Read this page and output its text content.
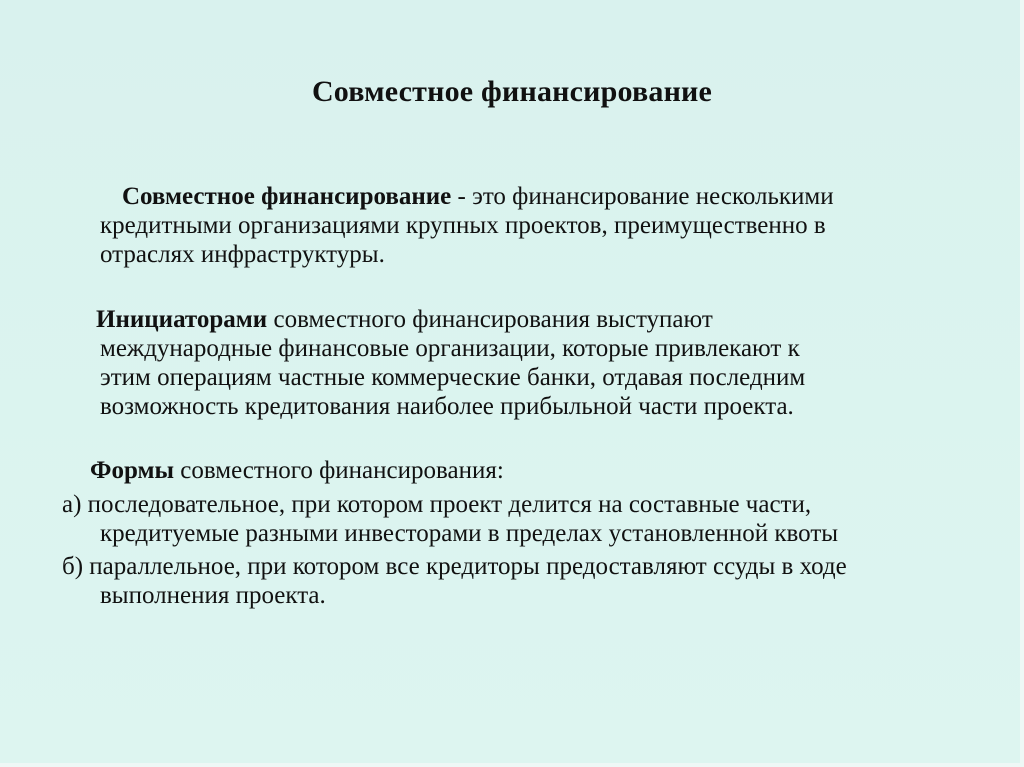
Совместное финансирование
Совместное финансирование - это финансирование несколькими
кредитными организациями крупных проектов, преимущественно в
отраслях инфраструктуры.
Инициаторами совместного финансирования выступают
международные финансовые организации, которые привлекают к
этим операциям частные коммерческие банки, отдавая последним
возможность кредитования наиболее прибыльной части проекта.
Формы совместного финансирования:
а) последовательное, при котором проект делится на составные части,
кредитуемые разными инвесторами в пределах установленной квоты
б) параллельное, при котором все кредиторы предоставляют ссуды в ходе
выполнения проекта.
